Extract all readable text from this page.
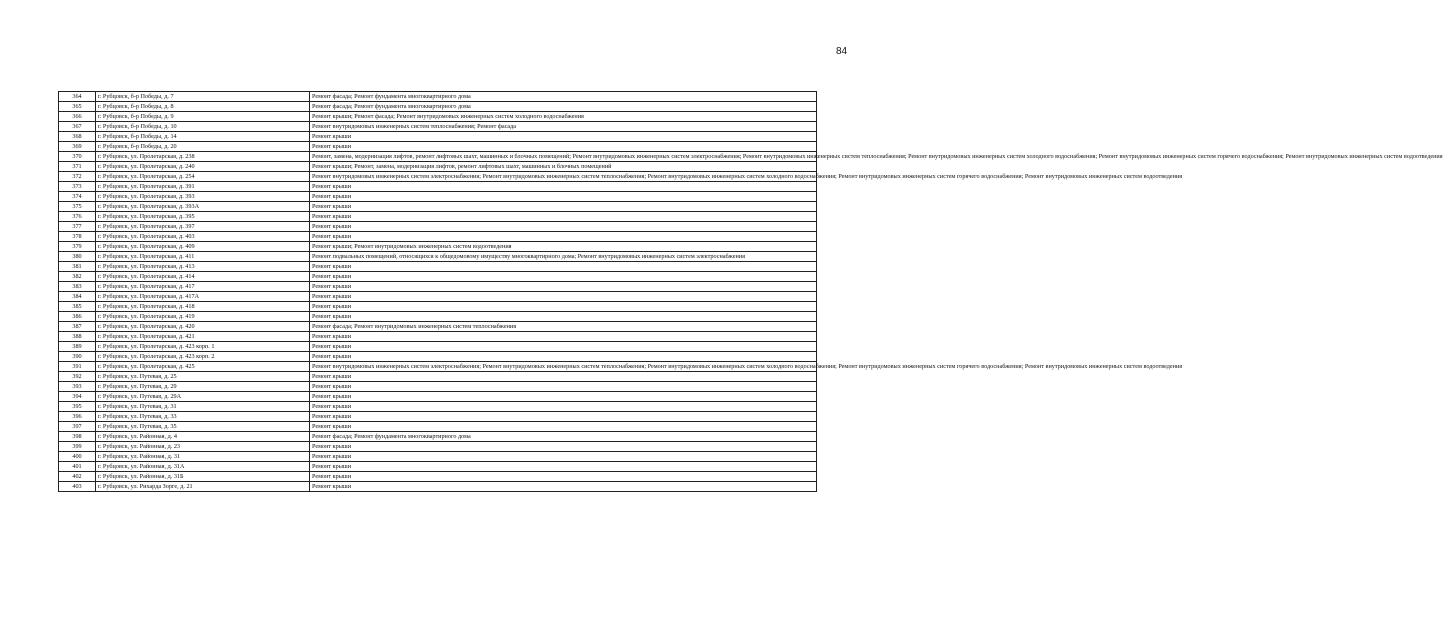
84
364	г. Рубцовск, б-р Победы, д. 7	Ремонт фасада; Ремонт фундамента многоквартирного дома
365	г. Рубцовск, б-р Победы, д. 8	Ремонт фасада; Ремонт фундамента многоквартирного дома
366	г. Рубцовск, б-р Победы, д. 9	Ремонт крыши; Ремонт фасада; Ремонт внутридомовых инженерных систем холодного водоснабжения
367	г. Рубцовск, б-р Победы, д. 10	Ремонт внутридомовых инженерных систем теплоснабжения; Ремонт фасада
368	г. Рубцовск, б-р Победы, д. 14	Ремонт крыши
369	г. Рубцовск, б-р Победы, д. 20	Ремонт крыши
370	г. Рубцовск, ул. Пролетарская, д. 238	Ремонт, замена, модернизация лифтов, ремонт лифтовых шахт, машинных и блочных помещений; Ремонт внутридомовых инженерных систем электроснабжения; Ремонт внутридомовых инженерных систем теплоснабжения; Ремонт внутридомовых инженерных систем холодного водоснабжения; Ремонт внутридомовых инженерных систем горячего водоснабжения; Ремонт внутридомовых инженерных систем водоотведения
371	г. Рубцовск, ул. Пролетарская, д. 240	Ремонт крыши; Ремонт, замена, модернизация лифтов, ремонт лифтовых шахт, машинных и блочных помещений
372	г. Рубцовск, ул. Пролетарская, д. 254	Ремонт внутридомовых инженерных систем электроснабжения; Ремонт внутридомовых инженерных систем теплоснабжения; Ремонт внутридомовых инженерных систем холодного водоснабжения; Ремонт внутридомовых инженерных систем горячего водоснабжения; Ремонт внутридомовых инженерных систем водоотведения
373	г. Рубцовск, ул. Пролетарская, д. 391	Ремонт крыши
374	г. Рубцовск, ул. Пролетарская, д. 393	Ремонт крыши
375	г. Рубцовск, ул. Пролетарская, д. 393А	Ремонт крыши
376	г. Рубцовск, ул. Пролетарская, д. 395	Ремонт крыши
377	г. Рубцовск, ул. Пролетарская, д. 397	Ремонт крыши
378	г. Рубцовск, ул. Пролетарская, д. 403	Ремонт крыши
379	г. Рубцовск, ул. Пролетарская, д. 409	Ремонт крыши; Ремонт внутридомовых инженерных систем водоотведения
380	г. Рубцовск, ул. Пролетарская, д. 411	Ремонт подвальных помещений, относящихся к общедомовому имуществу многоквартирного дома; Ремонт внутридомовых инженерных систем электроснабжения
381	г. Рубцовск, ул. Пролетарская, д. 413	Ремонт крыши
382	г. Рубцовск, ул. Пролетарская, д. 414	Ремонт крыши
383	г. Рубцовск, ул. Пролетарская, д. 417	Ремонт крыши
384	г. Рубцовск, ул. Пролетарская, д. 417А	Ремонт крыши
385	г. Рубцовск, ул. Пролетарская, д. 418	Ремонт крыши
386	г. Рубцовск, ул. Пролетарская, д. 419	Ремонт крыши
387	г. Рубцовск, ул. Пролетарская, д. 420	Ремонт фасада; Ремонт внутридомовых инженерных систем теплоснабжения
388	г. Рубцовск, ул. Пролетарская, д. 421	Ремонт крыши
389	г. Рубцовск, ул. Пролетарская, д. 423 корп. 1	Ремонт крыши
390	г. Рубцовск, ул. Пролетарская, д. 423 корп. 2	Ремонт крыши
391	г. Рубцовск, ул. Пролетарская, д. 425	Ремонт внутридомовых инженерных систем электроснабжения; Ремонт внутридомовых инженерных систем теплоснабжения; Ремонт внутридомовых инженерных систем холодного водоснабжения; Ремонт внутридомовых инженерных систем горячего водоснабжения; Ремонт внутридомовых инженерных систем водоотведения
392	г. Рубцовск, ул. Путевая, д. 25	Ремонт крыши
393	г. Рубцовск, ул. Путевая, д. 29	Ремонт крыши
394	г. Рубцовск, ул. Путевая, д. 29А	Ремонт крыши
395	г. Рубцовск, ул. Путевая, д. 31	Ремонт крыши
396	г. Рубцовск, ул. Путевая, д. 33	Ремонт крыши
397	г. Рубцовск, ул. Путевая, д. 35	Ремонт крыши
398	г. Рубцовск, ул. Районная, д. 4	Ремонт фасада; Ремонт фундамента многоквартирного дома
399	г. Рубцовск, ул. Районная, д. 23	Ремонт крыши
400	г. Рубцовск, ул. Районная, д. 31	Ремонт крыши
401	г. Рубцовск, ул. Районная, д. 31А	Ремонт крыши
402	г. Рубцовск, ул. Районная, д. 31Б	Ремонт крыши
403	г. Рубцовск, ул. Рихарда Зорге, д. 21	Ремонт крыши
